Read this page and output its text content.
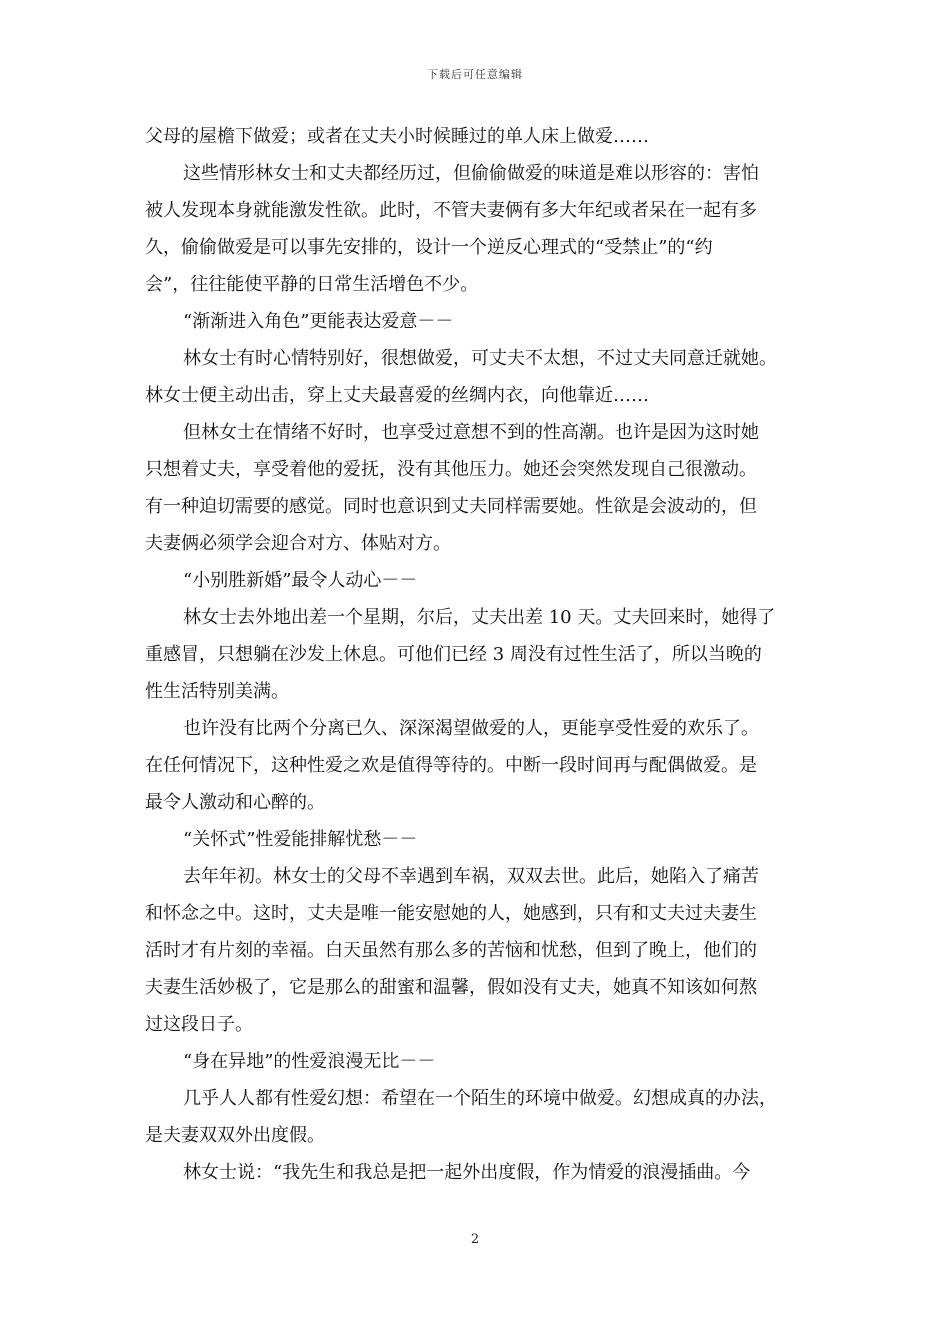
下载后可任意编辑
父母的屋檐下做爱；或者在丈夫小时候睡过的单人床上做爱……
这些情形林女士和丈夫都经历过，但偷偷做爱的味道是难以形容的：害怕
被人发现本身就能激发性欲。此时，不管夫妻俩有多大年纪或者呆在一起有多
久，偷偷做爱是可以事先安排的，设计一个逆反心理式的“受禁止”的“约
会”，往往能使平静的日常生活增色不少。
“渐渐进入角色”更能表达爱意－－
林女士有时心情特别好，很想做爱，可丈夫不太想，不过丈夫同意迁就她。
林女士便主动出击，穿上丈夫最喜爱的丝绸内衣，向他靠近……
但林女士在情绪不好时，也享受过意想不到的性高潮。也许是因为这时她
只想着丈夫，享受着他的爱抚，没有其他压力。她还会突然发现自己很激动。
有一种迫切需要的感觉。同时也意识到丈夫同样需要她。性欲是会波动的，但
夫妻俩必须学会迎合对方、体贴对方。
“小别胜新婚”最令人动心－－
林女士去外地出差一个星期，尔后，丈夫出差 10 天。丈夫回来时，她得了
重感冒，只想躺在沙发上休息。可他们已经 3 周没有过性生活了，所以当晚的
性生活特别美满。
也许没有比两个分离已久、深深渴望做爱的人，更能享受性爱的欢乐了。
在任何情况下，这种性爱之欢是值得等待的。中断一段时间再与配偶做爱。是
最令人激动和心醉的。
“关怀式”性爱能排解忧愁－－
去年年初。林女士的父母不幸遇到车祸，双双去世。此后，她陷入了痛苦
和怀念之中。这时，丈夫是唯一能安慰她的人，她感到，只有和丈夫过夫妻生
活时才有片刻的幸福。白天虽然有那么多的苦恼和忧愁，但到了晚上，他们的
夫妻生活妙极了，它是那么的甜蜜和温馨，假如没有丈夫，她真不知该如何熬
过这段日子。
“身在异地”的性爱浪漫无比－－
几乎人人都有性爱幻想：希望在一个陌生的环境中做爱。幻想成真的办法，
是夫妻双双外出度假。
林女士说：“我先生和我总是把一起外出度假，作为情爱的浪漫插曲。今
2
